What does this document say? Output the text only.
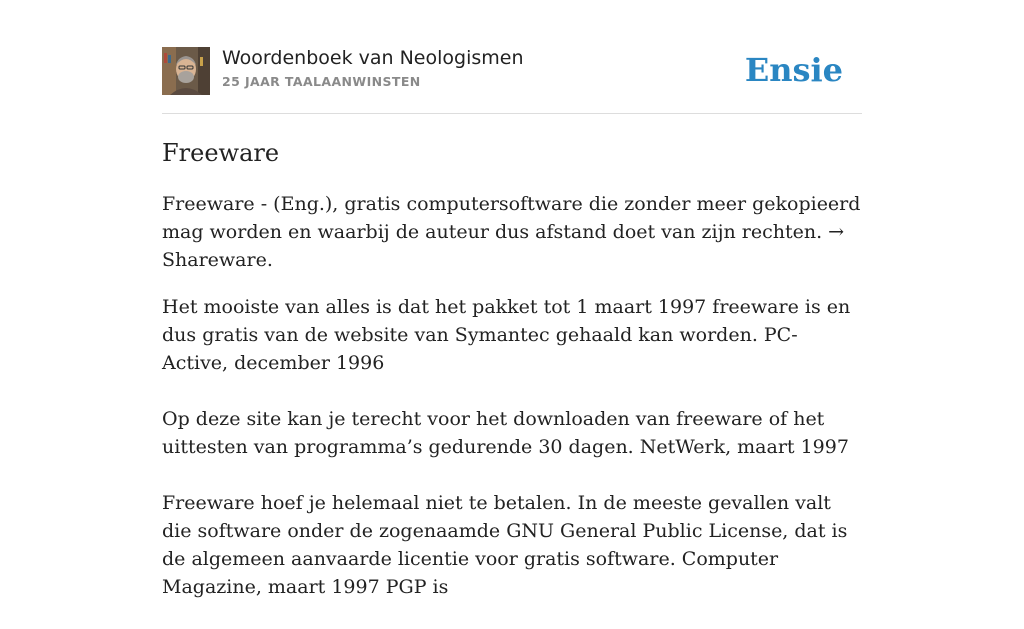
Woordenboek van Neologismen
25 JAAR TAALAANWINSTEN	Ensie
Freeware

Freeware - (Eng.), gratis computersoftware die zonder meer gekopieerd mag worden en waarbij de auteur dus afstand doet van zijn rechten. → Shareware.

Het mooiste van alles is dat het pakket tot 1 maart 1997 freeware is en dus gratis van de website van Symantec gehaald kan worden. PC-Active, december 1996

Op deze site kan je terecht voor het downloaden van freeware of het uittesten van programma’s gedurende 30 dagen. NetWerk, maart 1997

Freeware hoef je helemaal niet te betalen. In de meeste gevallen valt die software onder de zogenaamde GNU General Public License, dat is de algemeen aanvaarde licentie voor gratis software. Computer Magazine, maart 1997 PGP is
